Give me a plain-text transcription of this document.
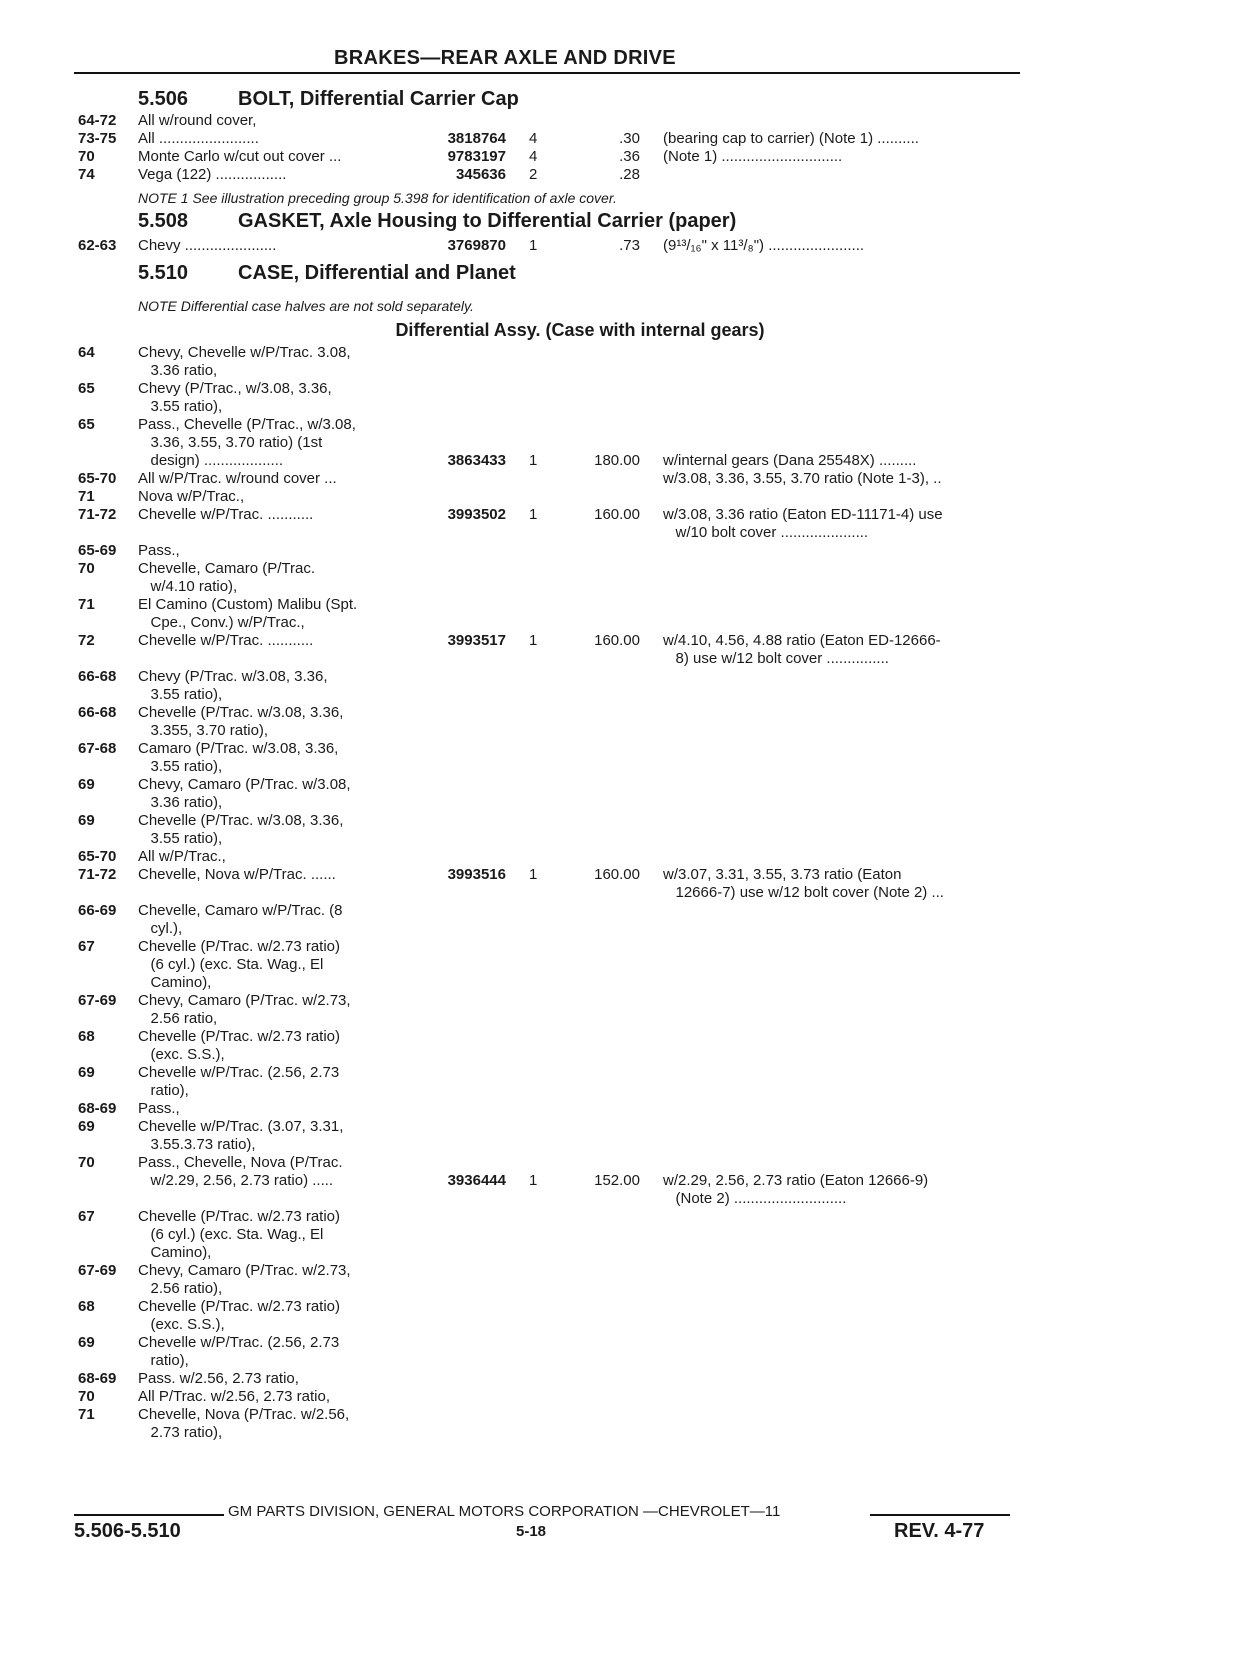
BRAKES—REAR AXLE AND DRIVE
5.506 BOLT, Differential Carrier Cap
5.508 GASKET, Axle Housing to Differential Carrier (paper)
5.510 CASE, Differential and Planet
NOTE 1 See illustration preceding group 5.398 for identification of axle cover.
NOTE Differential case halves are not sold separately.
Differential Assy. (Case with internal gears)
64-72 All w/round cover,
73-75 All ........................	3818764 4	.30 (bearing cap to carrier) (Note 1) ..........
70	Monte Carlo w/cut out cover ...	9783197 4	.36 (Note 1) .............................
74	Vega (122) .................	345636 2	.28
62-63 Chevy ......................	3769870 1	.73 (9¹³/₁₆" x 11³/₈") .......................
64	Chevy, Chevelle w/P/Trac. 3.08,
3.36 ratio,
65	Chevy (P/Trac., w/3.08, 3.36,
3.55 ratio),
65	Pass., Chevelle (P/Trac., w/3.08,
3.36, 3.55, 3.70 ratio) (1st
design) ...................	3863433 1	180.00 w/internal gears (Dana 25548X) .........
65-70 All w/P/Trac. w/round cover ...	w/3.08, 3.36, 3.55, 3.70 ratio (Note 1-3), ..
71	Nova w/P/Trac.,
71-72 Chevelle w/P/Trac. ...........	3993502 1	160.00 w/3.08, 3.36 ratio (Eaton ED-11171-4) use
w/10 bolt cover .....................
65-69 Pass.,
70	Chevelle, Camaro (P/Trac.
w/4.10 ratio),
71	El Camino (Custom) Malibu (Spt.
Cpe., Conv.) w/P/Trac.,
72	Chevelle w/P/Trac. ...........	3993517 1	160.00 w/4.10, 4.56, 4.88 ratio (Eaton ED-12666-
8) use w/12 bolt cover ...............
66-68 Chevy (P/Trac. w/3.08, 3.36,
3.55 ratio),
66-68 Chevelle (P/Trac. w/3.08, 3.36,
3.355, 3.70 ratio),
67-68 Camaro (P/Trac. w/3.08, 3.36,
3.55 ratio),
69	Chevy, Camaro (P/Trac. w/3.08,
3.36 ratio),
69	Chevelle (P/Trac. w/3.08, 3.36,
3.55 ratio),
65-70 All w/P/Trac.,
71-72 Chevelle, Nova w/P/Trac. ......	3993516 1	160.00 w/3.07, 3.31, 3.55, 3.73 ratio (Eaton
12666-7) use w/12 bolt cover (Note 2) ...
66-69 Chevelle, Camaro w/P/Trac. (8
cyl.),
67	Chevelle (P/Trac. w/2.73 ratio)
(6 cyl.) (exc. Sta. Wag., El
Camino),
67-69 Chevy, Camaro (P/Trac. w/2.73,
2.56 ratio,
68	Chevelle (P/Trac. w/2.73 ratio)
(exc. S.S.),
69	Chevelle w/P/Trac. (2.56, 2.73
ratio),
68-69 Pass.,
69	Chevelle w/P/Trac. (3.07, 3.31,
3.55.3.73 ratio),
70	Pass., Chevelle, Nova (P/Trac.
w/2.29, 2.56, 2.73 ratio) .....	3936444 1	152.00 w/2.29, 2.56, 2.73 ratio (Eaton 12666-9)
(Note 2) ...........................
67	Chevelle (P/Trac. w/2.73 ratio)
(6 cyl.) (exc. Sta. Wag., El
Camino),
67-69 Chevy, Camaro (P/Trac. w/2.73,
2.56 ratio),
68	Chevelle (P/Trac. w/2.73 ratio)
(exc. S.S.),
69	Chevelle w/P/Trac. (2.56, 2.73
ratio),
68-69 Pass. w/2.56, 2.73 ratio,
70	All P/Trac. w/2.56, 2.73 ratio,
71	Chevelle, Nova (P/Trac. w/2.56,
2.73 ratio),
GM PARTS DIVISION, GENERAL MOTORS CORPORATION —CHEVROLET—11
5.506-5.510	5-18	REV. 4-77
